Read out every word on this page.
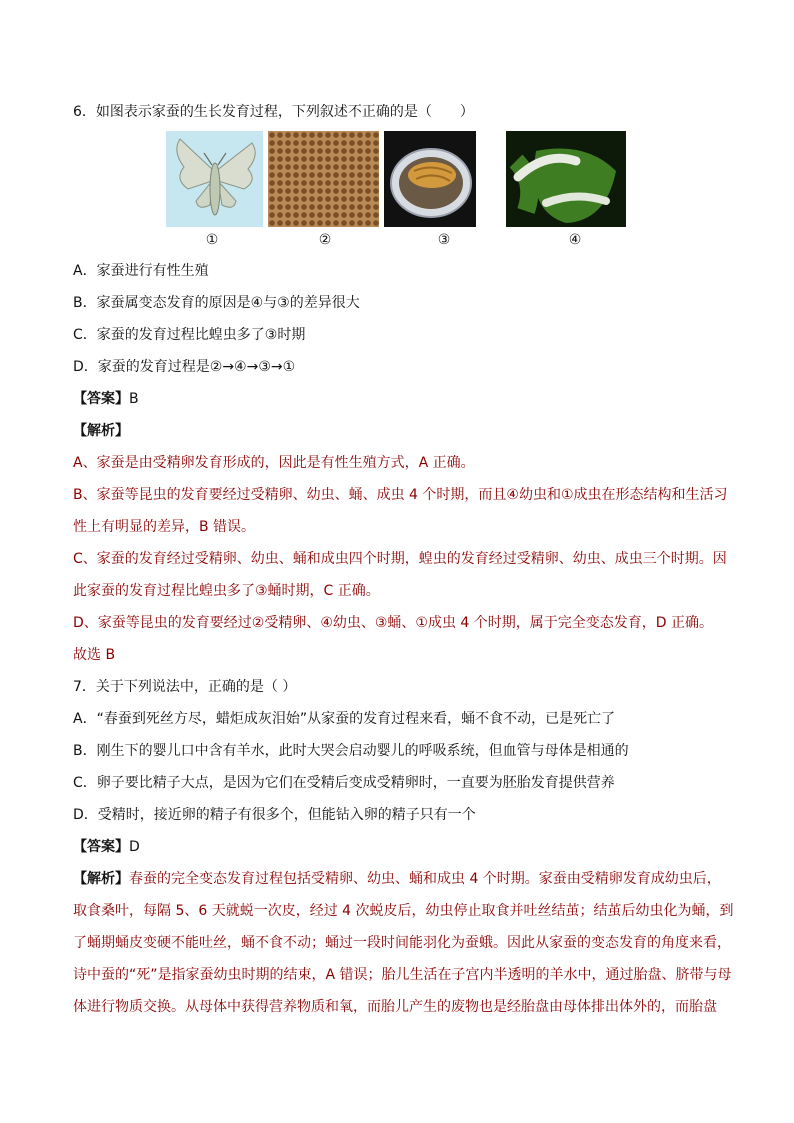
6．如图表示家蚕的生长发育过程，下列叙述不正确的是（　　）
①	②	③	④
A．家蚕进行有性生殖
B．家蚕属变态发育的原因是④与③的差异很大
C．家蚕的发育过程比蝗虫多了③时期
D．家蚕的发育过程是②→④→③→①
【答案】B
【解析】
A、家蚕是由受精卵发育形成的，因此是有性生殖方式，A 正确。
B、家蚕等昆虫的发育要经过受精卵、幼虫、蛹、成虫 4 个时期，而且④幼虫和①成虫在形态结构和生活习
性上有明显的差异，B 错误。
C、家蚕的发育经过受精卵、幼虫、蛹和成虫四个时期，蝗虫的发育经过受精卵、幼虫、成虫三个时期。因
此家蚕的发育过程比蝗虫多了③蛹时期，C 正确。
D、家蚕等昆虫的发育要经过②受精卵、④幼虫、③蛹、①成虫 4 个时期，属于完全变态发育，D 正确。
故选 B
7．关于下列说法中，正确的是（ ）
A．“春蚕到死丝方尽，蜡炬成灰泪始”从家蚕的发育过程来看，蛹不食不动，已是死亡了
B．刚生下的婴儿口中含有羊水，此时大哭会启动婴儿的呼吸系统，但血管与母体是相通的
C．卵子要比精子大点，是因为它们在受精后变成受精卵时，一直要为胚胎发育提供营养
D．受精时，接近卵的精子有很多个，但能钻入卵的精子只有一个
【答案】D
【解析】春蚕的完全变态发育过程包括受精卵、幼虫、蛹和成虫 4 个时期。家蚕由受精卵发育成幼虫后，
取食桑叶，每隔 5、6 天就蜕一次皮，经过 4 次蜕皮后，幼虫停止取食并吐丝结茧；结茧后幼虫化为蛹，到
了蛹期蛹皮变硬不能吐丝，蛹不食不动；蛹过一段时间能羽化为蚕蛾。因此从家蚕的变态发育的角度来看，
诗中蚕的“死”是指家蚕幼虫时期的结束，A 错误；胎儿生活在子宫内半透明的羊水中，通过胎盘、脐带与母
体进行物质交换。从母体中获得营养物质和氧，而胎儿产生的废物也是经胎盘由母体排出体外的，而胎盘
